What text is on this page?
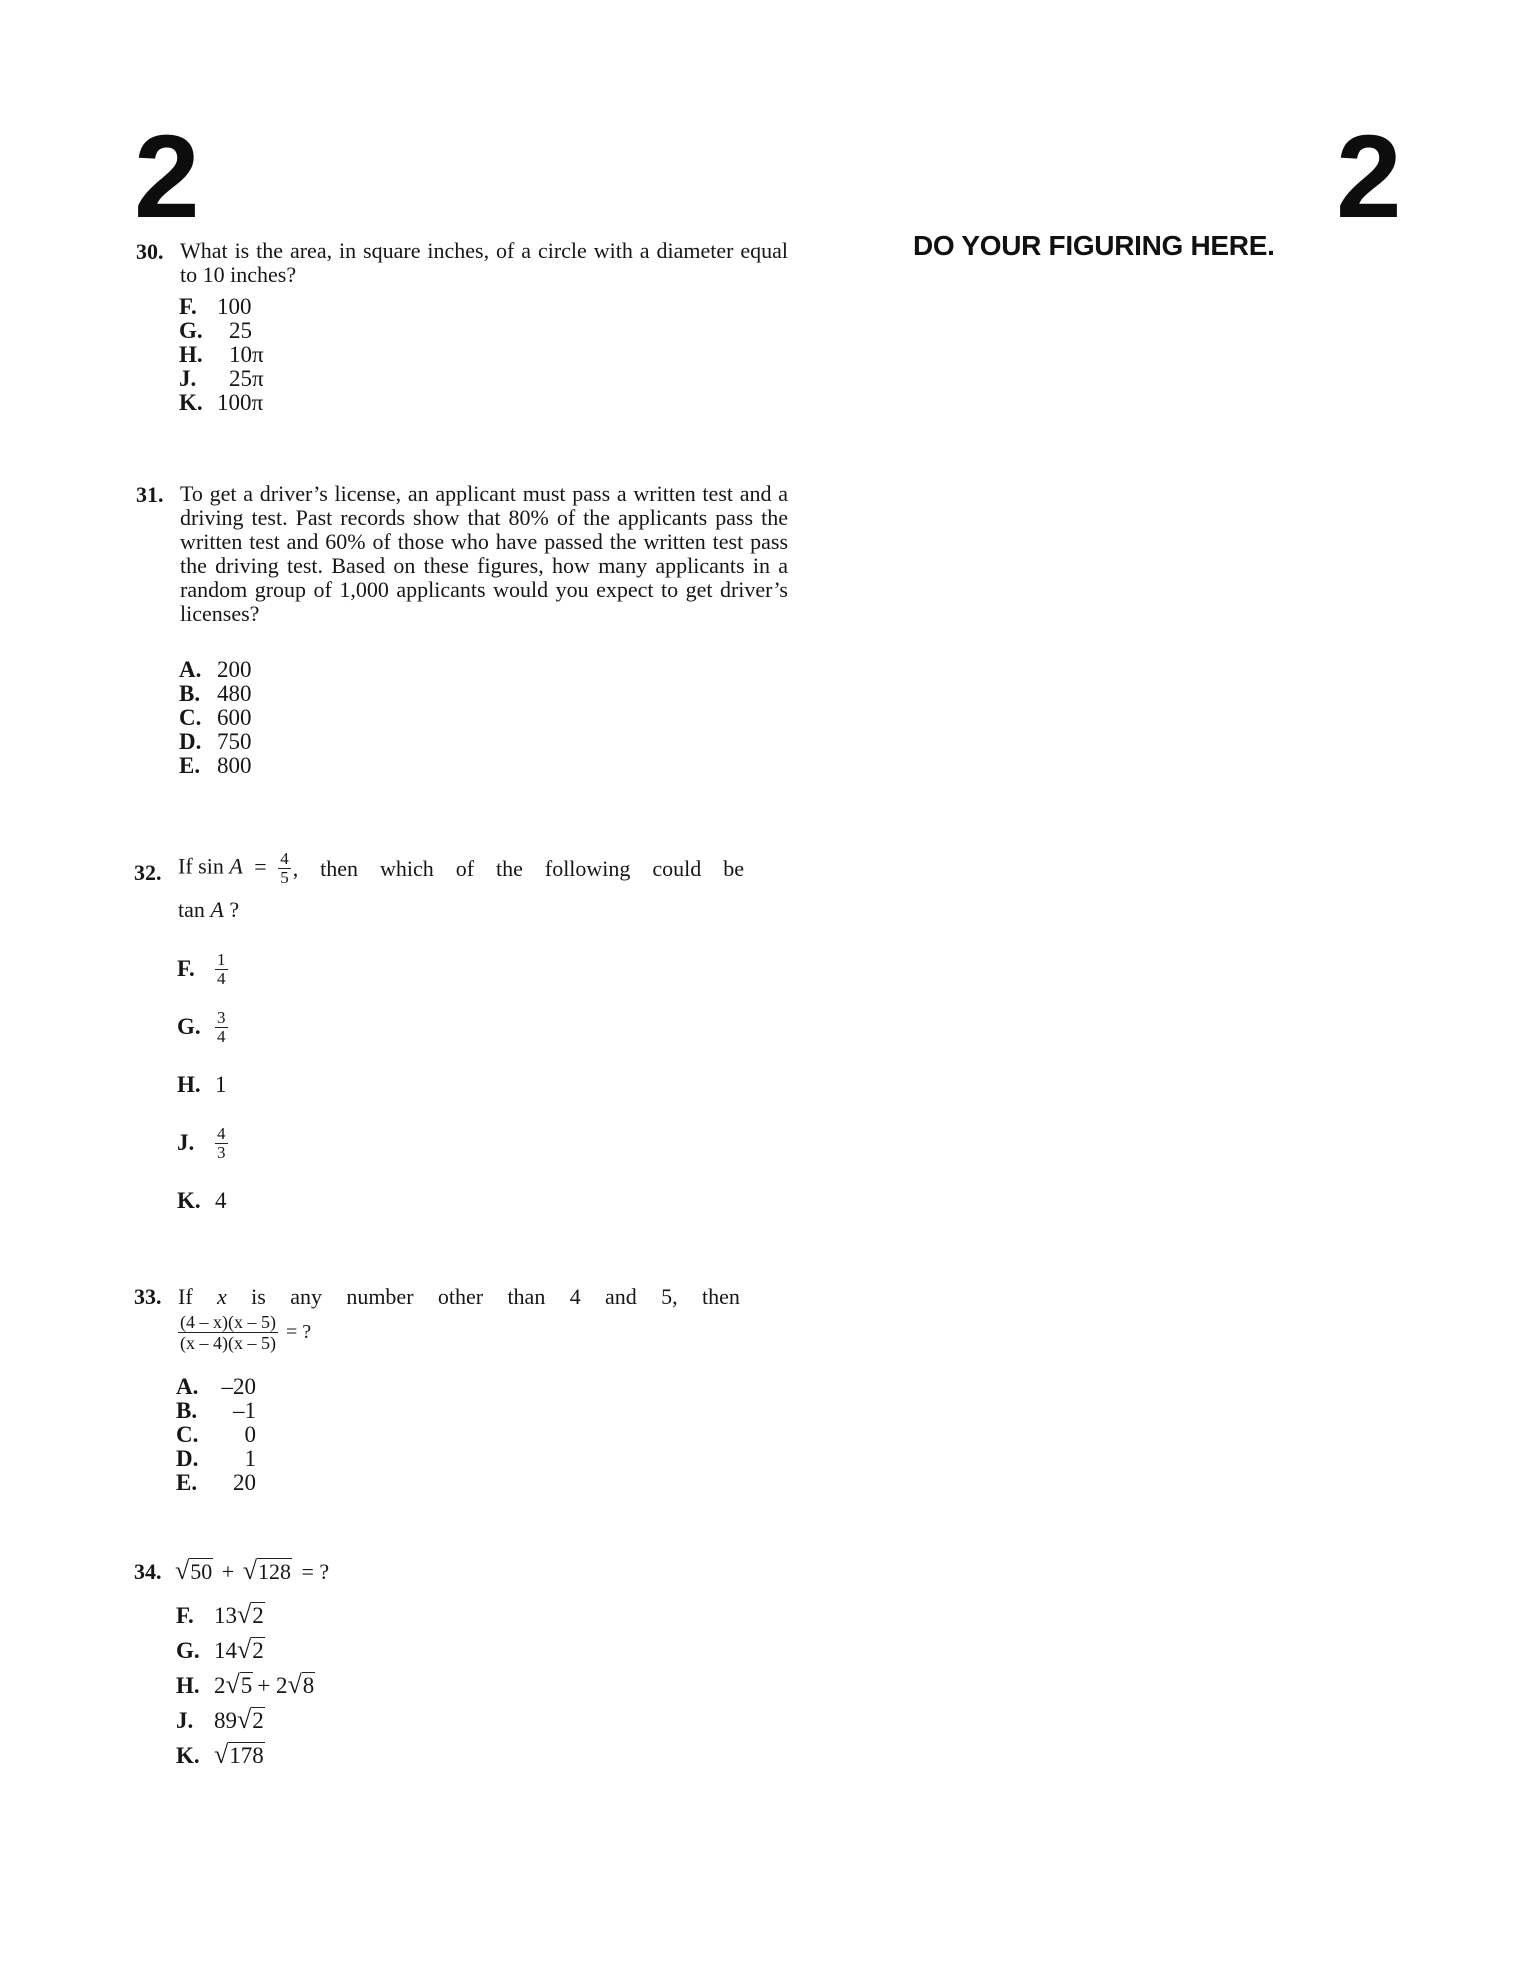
2	2
DO YOUR FIGURING HERE.
30. What is the area, in square inches, of a circle with a diameter equal to 10 inches?
F. 100
G. 25
H. 10π
J. 25π
K. 100π
31. To get a driver’s license, an applicant must pass a written test and a driving test. Past records show that 80% of the applicants pass the written test and 60% of those who have passed the written test pass the driving test. Based on these figures, how many applicants in a random group of 1,000 applicants would you expect to get driver’s licenses?
A. 200
B. 480
C. 600
D. 750
E. 800
32. If $\sin A = \frac{4}{5}$ , then which of the following could be
tan A ?
F.	$\frac{1}{4}$
G. $\frac{3}{4}$
H. 1
J.	$\frac{4}{3}$
K. 4
33. If x is any number other than 4 and 5, then
$\frac{(4 - x)(x - 5)}{(x - 4)(x - 5)}$ = ?
A. –20
B. –1
C. 0
D. 1
E. 20
34. √50 + √128 = ?
F. 13√2
G. 14√2
H. 2√5 + 2√8
J. 89√2
K. √178
